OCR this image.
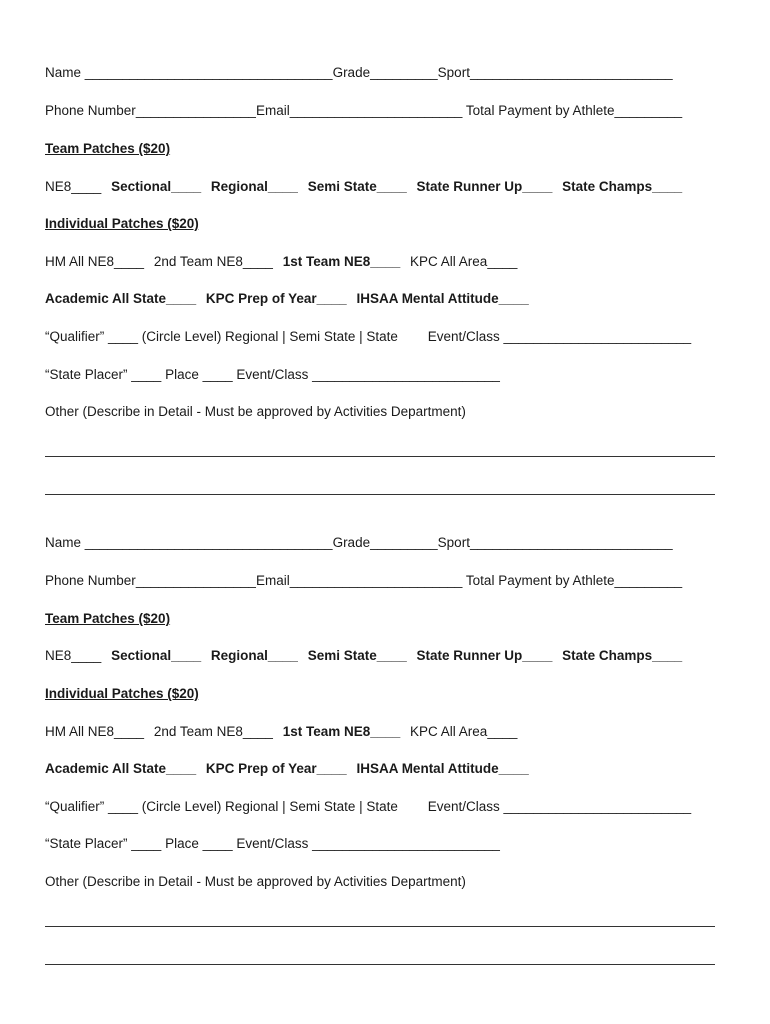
Name _________________________________Grade_________Sport___________________________
Phone Number________________Email_______________________ Total Payment by Athlete_________
Team Patches ($20)
NE8____ Sectional____ Regional____ Semi State____ State Runner Up____ State Champs____
Individual Patches ($20)
HM All NE8____ 2nd Team NE8____ 1st Team NE8____ KPC All Area____
Academic All State____ KPC Prep of Year____ IHSAA Mental Attitude____
“Qualifier” ____ (Circle Level) Regional | Semi State | State Event/Class _________________________
“State Placer” ____ Place ____ Event/Class _________________________
Other (Describe in Detail - Must be approved by Activities Department)
Name _________________________________Grade_________Sport___________________________
Phone Number________________Email_______________________ Total Payment by Athlete_________
Team Patches ($20)
NE8____ Sectional____ Regional____ Semi State____ State Runner Up____ State Champs____
Individual Patches ($20)
HM All NE8____ 2nd Team NE8____ 1st Team NE8____ KPC All Area____
Academic All State____ KPC Prep of Year____ IHSAA Mental Attitude____
“Qualifier” ____ (Circle Level) Regional | Semi State | State Event/Class _________________________
“State Placer” ____ Place ____ Event/Class _________________________
Other (Describe in Detail - Must be approved by Activities Department)
